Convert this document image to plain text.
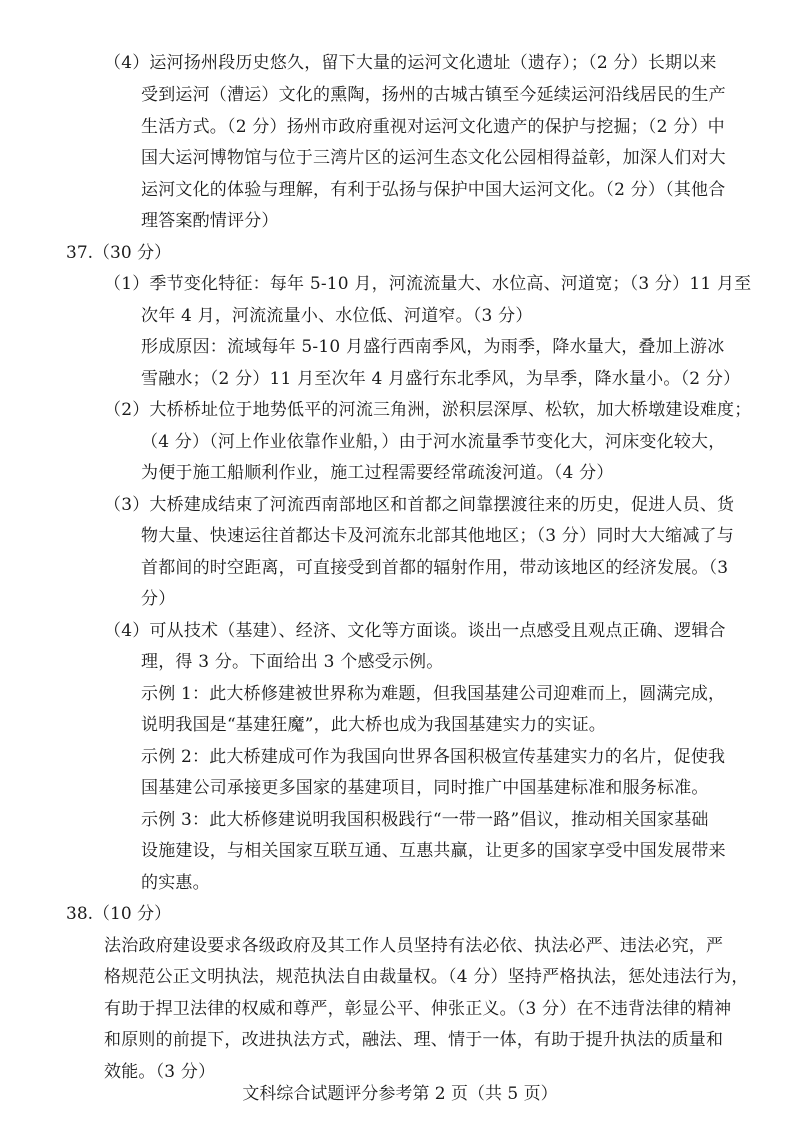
（4）运河扬州段历史悠久，留下大量的运河文化遗址（遗存）；（2 分）长期以来
受到运河（漕运）文化的熏陶，扬州的古城古镇至今延续运河沿线居民的生产
生活方式。（2 分）扬州市政府重视对运河文化遗产的保护与挖掘；（2 分）中
国大运河博物馆与位于三湾片区的运河生态文化公园相得益彰，加深人们对大
运河文化的体验与理解，有利于弘扬与保护中国大运河文化。（2 分）（其他合
理答案酌情评分）
37.（30 分）
（1）季节变化特征：每年 5-10 月，河流流量大、水位高、河道宽；（3 分）11 月至
次年 4 月，河流流量小、水位低、河道窄。（3 分）
形成原因：流域每年 5-10 月盛行西南季风，为雨季，降水量大，叠加上游冰
雪融水；（2 分）11 月至次年 4 月盛行东北季风，为旱季，降水量小。（2 分）
（2）大桥桥址位于地势低平的河流三角洲，淤积层深厚、松软，加大桥墩建设难度；
（4 分）（河上作业依靠作业船，）由于河水流量季节变化大，河床变化较大，
为便于施工船顺利作业，施工过程需要经常疏浚河道。（4 分）
（3）大桥建成结束了河流西南部地区和首都之间靠摆渡往来的历史，促进人员、货
物大量、快速运往首都达卡及河流东北部其他地区；（3 分）同时大大缩减了与
首都间的时空距离，可直接受到首都的辐射作用，带动该地区的经济发展。（3
分）
（4）可从技术（基建）、经济、文化等方面谈。谈出一点感受且观点正确、逻辑合
理，得 3 分。下面给出 3 个感受示例。
示例 1：此大桥修建被世界称为难题，但我国基建公司迎难而上，圆满完成，
说明我国是“基建狂魔”，此大桥也成为我国基建实力的实证。
示例 2：此大桥建成可作为我国向世界各国积极宣传基建实力的名片，促使我
国基建公司承接更多国家的基建项目，同时推广中国基建标准和服务标准。
示例 3：此大桥修建说明我国积极践行“一带一路”倡议，推动相关国家基础
设施建设，与相关国家互联互通、互惠共赢，让更多的国家享受中国发展带来
的实惠。
38.（10 分）
法治政府建设要求各级政府及其工作人员坚持有法必依、执法必严、违法必究，严
格规范公正文明执法，规范执法自由裁量权。（4 分）坚持严格执法，惩处违法行为，
有助于捍卫法律的权威和尊严，彰显公平、伸张正义。（3 分）在不违背法律的精神
和原则的前提下，改进执法方式，融法、理、情于一体，有助于提升执法的质量和
效能。（3 分）
文科综合试题评分参考第 2 页（共 5 页）
